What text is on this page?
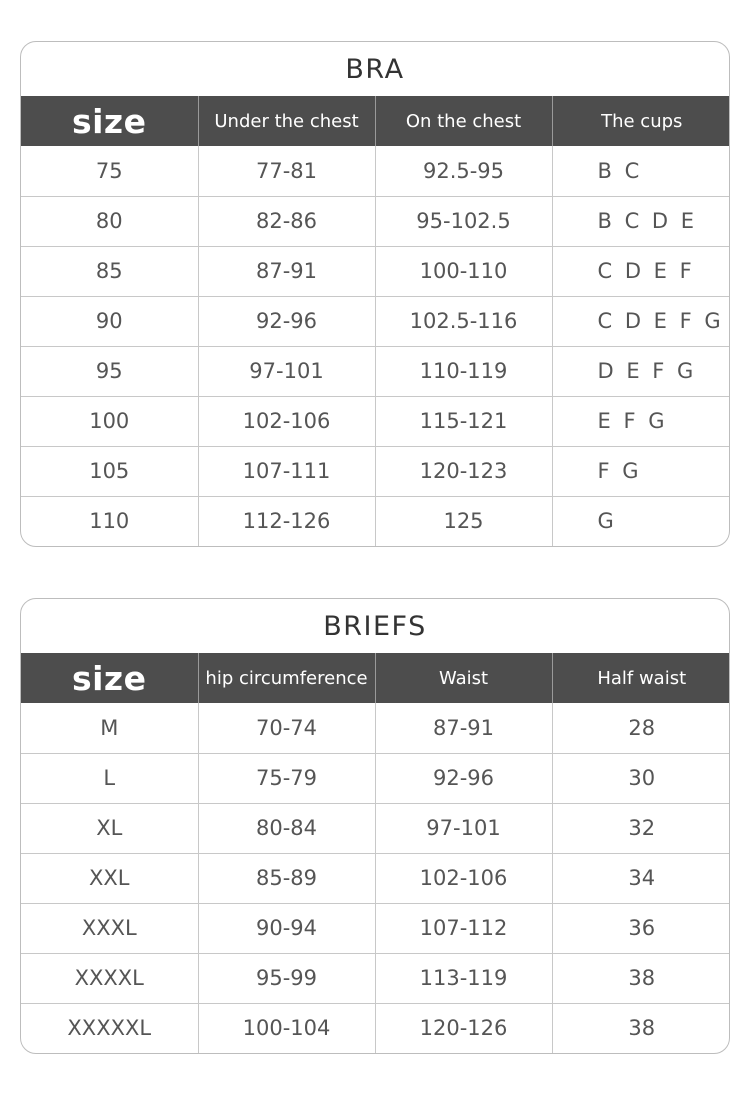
BRA
size	Under the chest	On the chest	The cups
75	77-81	92.5-95	B C
80	82-86	95-102.5	B C D E
85	87-91	100-110	C D E F
90	92-96	102.5-116	C D E F G
95	97-101	110-119	D E F G
100	102-106	115-121	E F G
105	107-111	120-123	F G
110	112-126	125	G
BRIEFS
size	hip circumference	Waist	Half waist
M	70-74	87-91	28
L	75-79	92-96	30
XL	80-84	97-101	32
XXL	85-89	102-106	34
XXXL	90-94	107-112	36
XXXXL	95-99	113-119	38
XXXXXL	100-104	120-126	38
